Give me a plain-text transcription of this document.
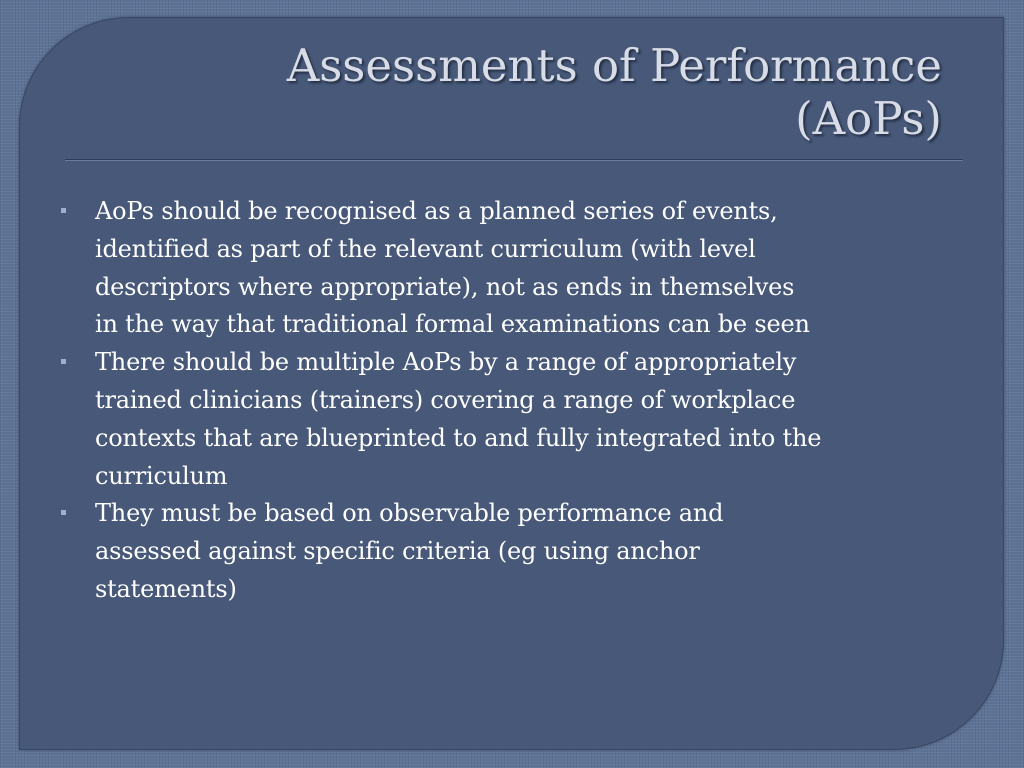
Assessments of Performance
(AoPs)
AoPs should be recognised as a planned series of events,
identified as part of the relevant curriculum (with level
descriptors where appropriate), not as ends in themselves
in the way that traditional formal examinations can be seen
There should be multiple AoPs by a range of appropriately
trained clinicians (trainers) covering a range of workplace
contexts that are blueprinted to and fully integrated into the
curriculum
They must be based on observable performance and
assessed against specific criteria (eg using anchor
statements)
